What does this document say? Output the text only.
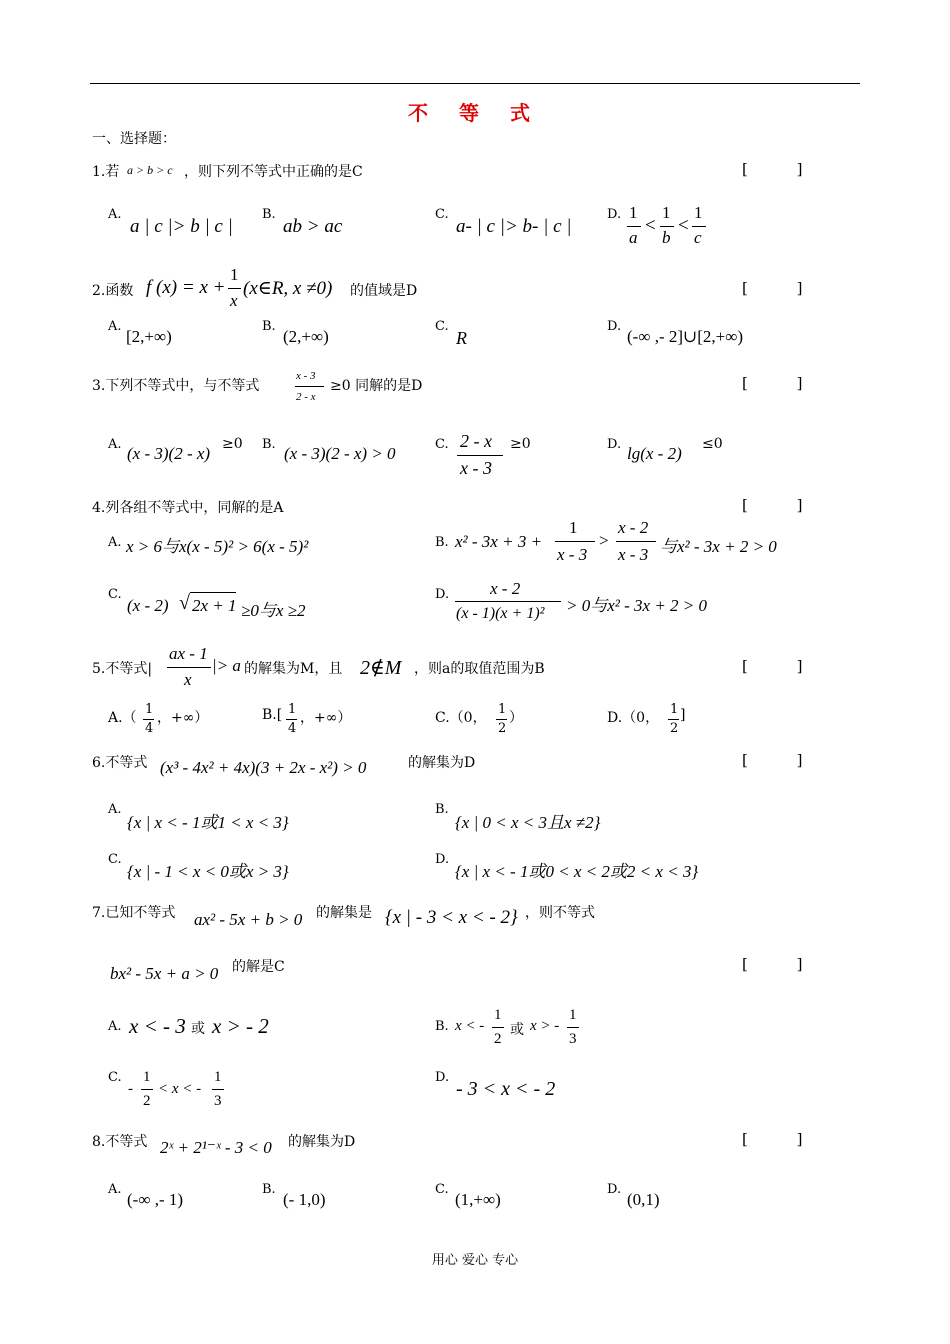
不 等 式
一、选择题：
1.若 a > b > c ，则下列不等式中正确的是C	[ ]
A.
a | c |> b | c |
B.
ab > ac
C.
a- | c |> b- | c |
D. 1
a
<
1
b
<
1
c
2.函数 f (x) = x +
1
x
(x∈R, x ≠0) 的值域是D	[ ]
A.
[2,+∞)
B.
(2,+∞)
C.
R
D.
(-∞ ,- 2]∪[2,+∞)
3.下列不等式中，与不等式
x - 3
2 - x
≥0 同解的是D	[ ]
A. (x - 3)(2 - x) ≥0 B. (x - 3)(2 - x) > 0	C. 2 - x
x - 3
≥0	D. lg(x - 2) ≤0
4.列各组不等式中，同解的是A	[ ]
A. x > 6与x(x - 5)² > 6(x - 5)²	B. x² - 3x + 3 +
1
x - 3
>
x - 2
x - 3 与x² - 3x + 2 > 0
C.
(x - 2) √ 2x + 1 ≥0与x ≥2
D. x - 2
(x - 1)(x + 1)² > 0与x² - 3x + 2 > 0
5.不等式|
ax - 1
x
|> a 的解集为M，且 2∉M ，则a的取值范围为B	[ ]
A.（
1
4
，+∞）	B.[ 1
4
，+∞）	C.（0，
1
2
）	D.（0，
1
2
]
6.不等式 (x³ - 4x² + 4x)(3 + 2x - x²) > 0	的解集为D	[ ]
A.
{x | x < - 1或1 < x < 3}
B.
{x | 0 < x < 3且x ≠2}
C.
{x | - 1 < x < 0或x > 3}
D.
{x | x < - 1或0 < x < 2或2 < x < 3}
7.已知不等式 ax² - 5x + b > 0 的解集是 {x | - 3 < x < - 2} ，则不等式
bx² - 5x + a > 0 的解是C	[ ]
A. x < - 3 或 x > - 2	B. x < -
1
2
或 x > -
1
3
C.
-
1
2
< x < -
1
3
D.
- 3 < x < - 2
8.不等式 2ˣ + 2¹⁻ˣ - 3 < 0 的解集为D	[ ]
A.
(-∞ ,- 1)
B.
(- 1,0)
C.
(1,+∞)
D.
(0,1)
用心 爱心 专心
